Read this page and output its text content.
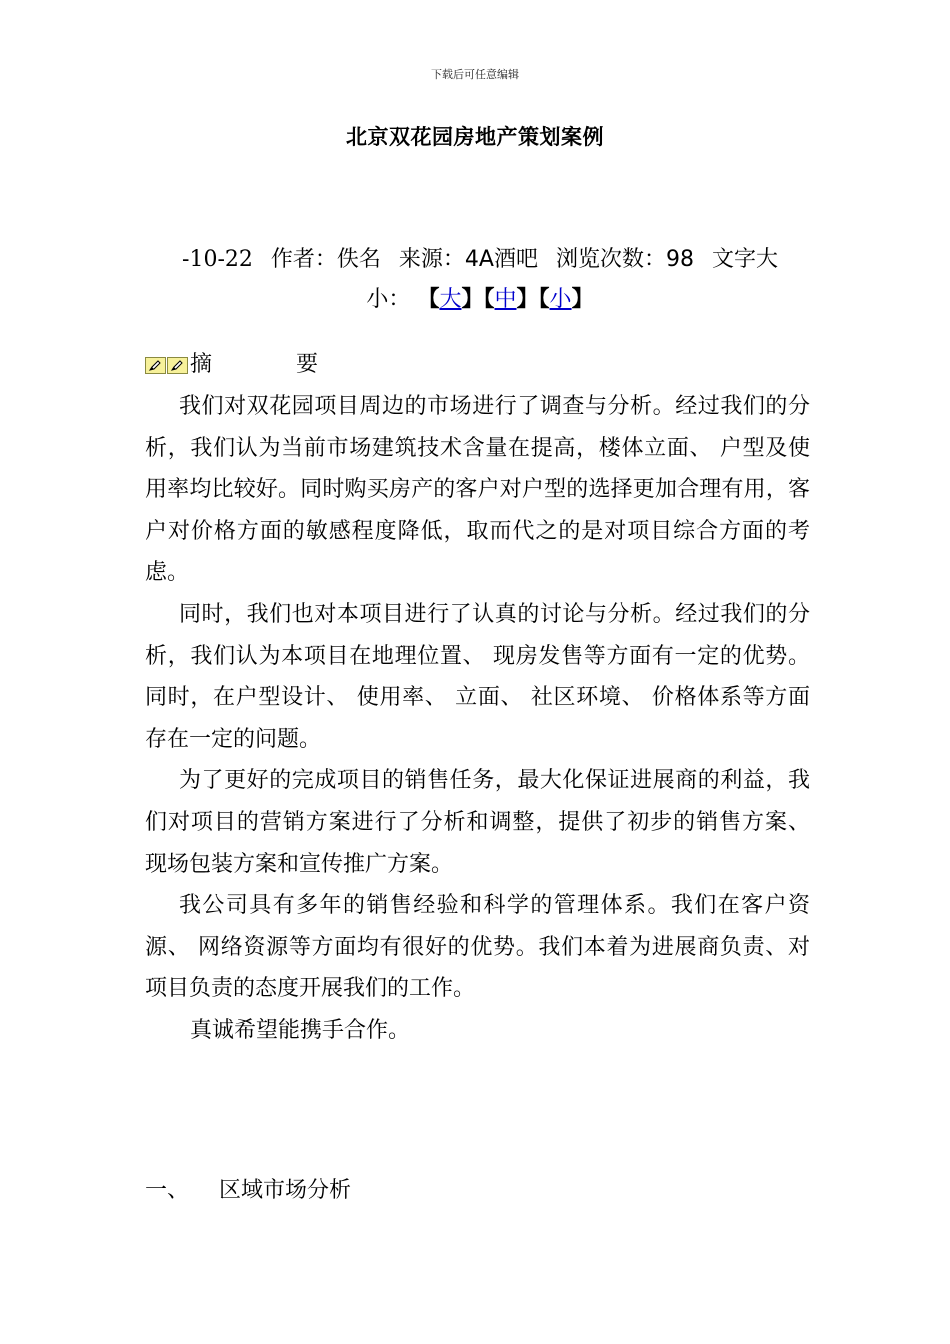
下载后可任意编辑
北京双花园房地产策划案例
-10-22 作者：佚名 来源：4A酒吧 浏览次数：98 文字大
小： 【大】【中】【小】
摘	要

我们对双花园项目周边的市场进行了调查与分析。经过我们的分析，我们认为当前市场建筑技术含量在提高，楼体立面、 户型及使用率均比较好。同时购买房产的客户对户型的选择更加合理有用，客户对价格方面的敏感程度降低，取而代之的是对项目综合方面的考虑。

同时，我们也对本项目进行了认真的讨论与分析。经过我们的分析，我们认为本项目在地理位置、 现房发售等方面有一定的优势。同时，在户型设计、 使用率、 立面、 社区环境、 价格体系等方面存在一定的问题。

为了更好的完成项目的销售任务，最大化保证进展商的利益，我们对项目的营销方案进行了分析和调整，提供了初步的销售方案、 现场包装方案和宣传推广方案。

我公司具有多年的销售经验和科学的管理体系。我们在客户资源、 网络资源等方面均有很好的优势。我们本着为进展商负责、对项目负责的态度开展我们的工作。

真诚希望能携手合作。

一、 区域市场分析
